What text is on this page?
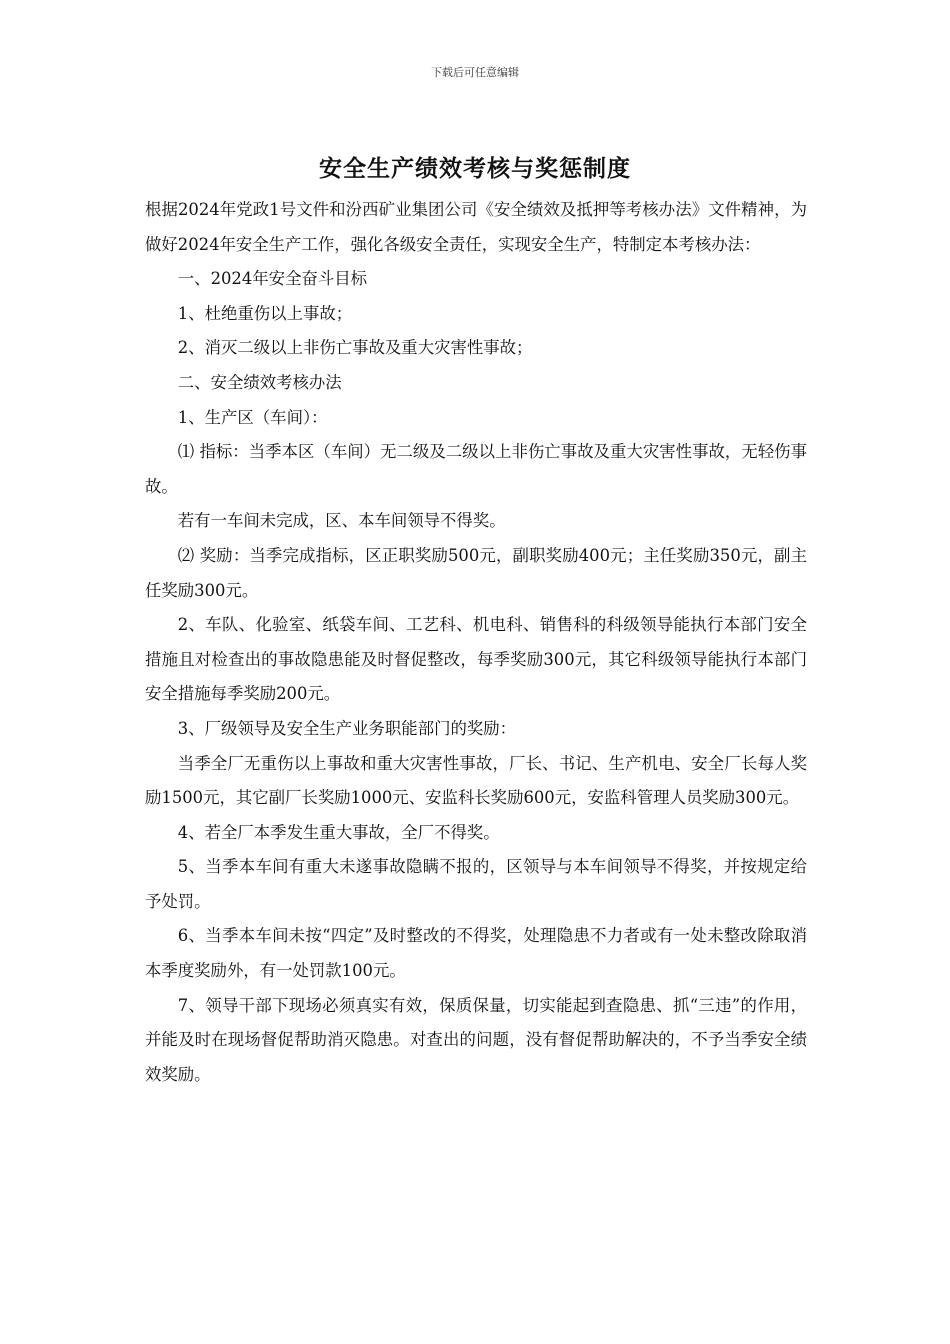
下载后可任意编辑
安全生产绩效考核与奖惩制度

根据2024年党政1号文件和汾西矿业集团公司《安全绩效及抵押等考核办法》文件精神，为做好2024年安全生产工作，强化各级安全责任，实现安全生产，特制定本考核办法：

一、2024年安全奋斗目标

1、杜绝重伤以上事故；

2、消灭二级以上非伤亡事故及重大灾害性事故；

二、安全绩效考核办法

1、生产区（车间）：

⑴ 指标：当季本区（车间）无二级及二级以上非伤亡事故及重大灾害性事故，无轻伤事故。

若有一车间未完成，区、本车间领导不得奖。

⑵ 奖励：当季完成指标，区正职奖励500元，副职奖励400元；主任奖励350元，副主任奖励300元。

2、车队、化验室、纸袋车间、工艺科、机电科、销售科的科级领导能执行本部门安全措施且对检查出的事故隐患能及时督促整改，每季奖励300元，其它科级领导能执行本部门安全措施每季奖励200元。

3、厂级领导及安全生产业务职能部门的奖励：

当季全厂无重伤以上事故和重大灾害性事故，厂长、书记、生产机电、安全厂长每人奖励1500元，其它副厂长奖励1000元、安监科长奖励600元，安监科管理人员奖励300元。

4、若全厂本季发生重大事故，全厂不得奖。

5、当季本车间有重大未遂事故隐瞒不报的，区领导与本车间领导不得奖，并按规定给予处罚。

6、当季本车间未按“四定”及时整改的不得奖，处理隐患不力者或有一处未整改除取消本季度奖励外，有一处罚款100元。

7、领导干部下现场必须真实有效，保质保量，切实能起到查隐患、抓“三违”的作用，并能及时在现场督促帮助消灭隐患。对查出的问题，没有督促帮助解决的，不予当季安全绩效奖励。
